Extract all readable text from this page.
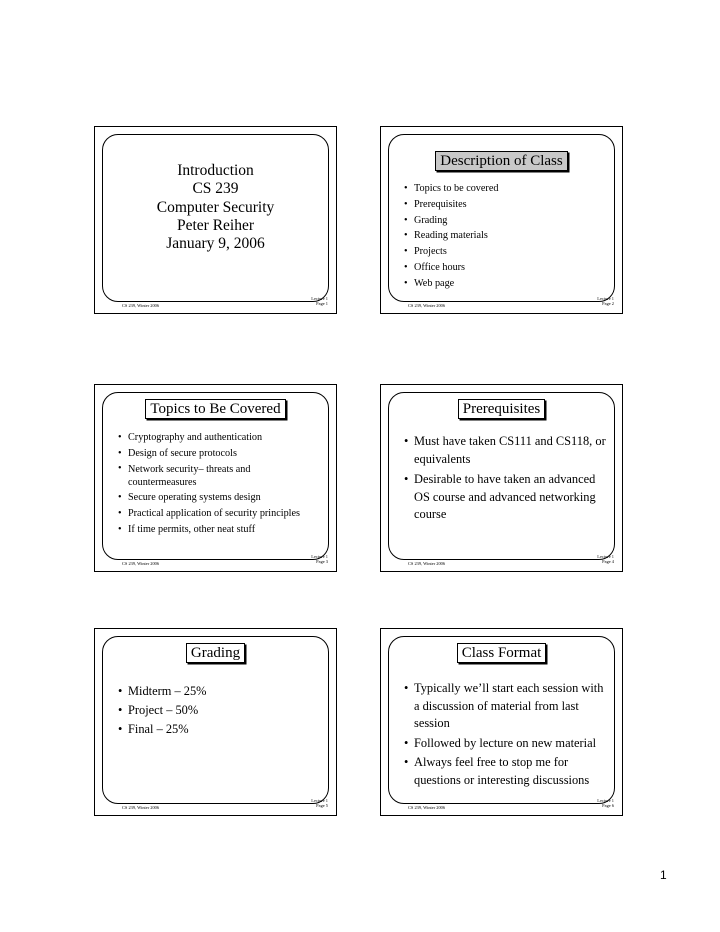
Introduction
CS 239
Computer Security
Peter Reiher
January 9, 2006
CS 239, Winter 2006
Lecture 1
Page 1
Description of Class
• Topics to be covered
• Prerequisites
• Grading
• Reading materials
• Projects
• Office hours
• Web page
CS 239, Winter 2006
Lecture 1
Page 2
Topics to Be Covered
• Cryptography and authentication
• Design of secure protocols
• Network security– threats and countermeasures
• Secure operating systems design
• Practical application of security principles
• If time permits, other neat stuff
CS 239, Winter 2006
Lecture 1
Page 3
Prerequisites
• Must have taken CS111 and CS118, or equivalents
• Desirable to have taken an advanced OS course and advanced networking course
CS 239, Winter 2006
Lecture 1
Page 4
Grading
• Midterm – 25%
• Project – 50%
• Final – 25%
CS 239, Winter 2006
Lecture 1
Page 5
Class Format
• Typically we’ll start each session with a discussion of material from last session
• Followed by lecture on new material
• Always feel free to stop me for questions or interesting discussions
CS 239, Winter 2006
Lecture 1
Page 6
1
